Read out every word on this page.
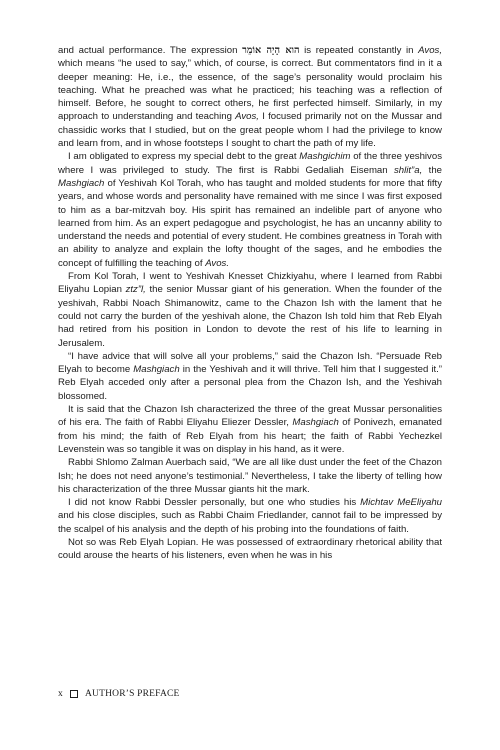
and actual performance. The expression הוא הָיָה אוֹמֵר is repeated constantly in Avos, which means “he used to say,” which, of course, is correct. But commentators find in it a deeper meaning: He, i.e., the essence, of the sage’s personality would proclaim his teaching. What he preached was what he practiced; his teaching was a reflection of himself. Before, he sought to correct others, he first perfected himself. Similarly, in my approach to understanding and teaching Avos, I focused primarily not on the Mussar and chassidic works that I studied, but on the great people whom I had the privilege to know and learn from, and in whose footsteps I sought to chart the path of my life.

I am obligated to express my special debt to the great Mashgichim of the three yeshivos where I was privileged to study. The first is Rabbi Gedaliah Eiseman shlit”a, the Mashgiach of Yeshivah Kol Torah, who has taught and molded students for more that fifty years, and whose words and personality have remained with me since I was first exposed to him as a bar-mitzvah boy. His spirit has remained an indelible part of anyone who learned from him. As an expert pedagogue and psychologist, he has an uncanny ability to understand the needs and potential of every student. He combines greatness in Torah with an ability to analyze and explain the lofty thought of the sages, and he embodies the concept of fulfilling the teaching of Avos.

From Kol Torah, I went to Yeshivah Knesset Chizkiyahu, where I learned from Rabbi Eliyahu Lopian ztz”l, the senior Mussar giant of his generation. When the founder of the yeshivah, Rabbi Noach Shimanowitz, came to the Chazon Ish with the lament that he could not carry the burden of the yeshivah alone, the Chazon Ish told him that Reb Elyah had retired from his position in London to devote the rest of his life to learning in Jerusalem.

“I have advice that will solve all your problems,” said the Chazon Ish. “Persuade Reb Elyah to become Mashgiach in the Yeshivah and it will thrive. Tell him that I suggested it.” Reb Elyah acceded only after a personal plea from the Chazon Ish, and the Yeshivah blossomed.

It is said that the Chazon Ish characterized the three of the great Mussar personalities of his era. The faith of Rabbi Eliyahu Eliezer Dessler, Mashgiach of Ponivezh, emanated from his mind; the faith of Reb Elyah from his heart; the faith of Rabbi Yechezkel Levenstein was so tangible it was on display in his hand, as it were.

Rabbi Shlomo Zalman Auerbach said, “We are all like dust under the feet of the Chazon Ish; he does not need anyone’s testimonial.” Nevertheless, I take the liberty of telling how his characterization of the three Mussar giants hit the mark.

I did not know Rabbi Dessler personally, but one who studies his Michtav MeEliyahu and his close disciples, such as Rabbi Chaim Friedlander, cannot fail to be impressed by the scalpel of his analysis and the depth of his probing into the foundations of faith.

Not so was Reb Elyah Lopian. He was possessed of extraordinary rhetorical ability that could arouse the hearts of his listeners, even when he was in his

x AUTHOR’S PREFACE
